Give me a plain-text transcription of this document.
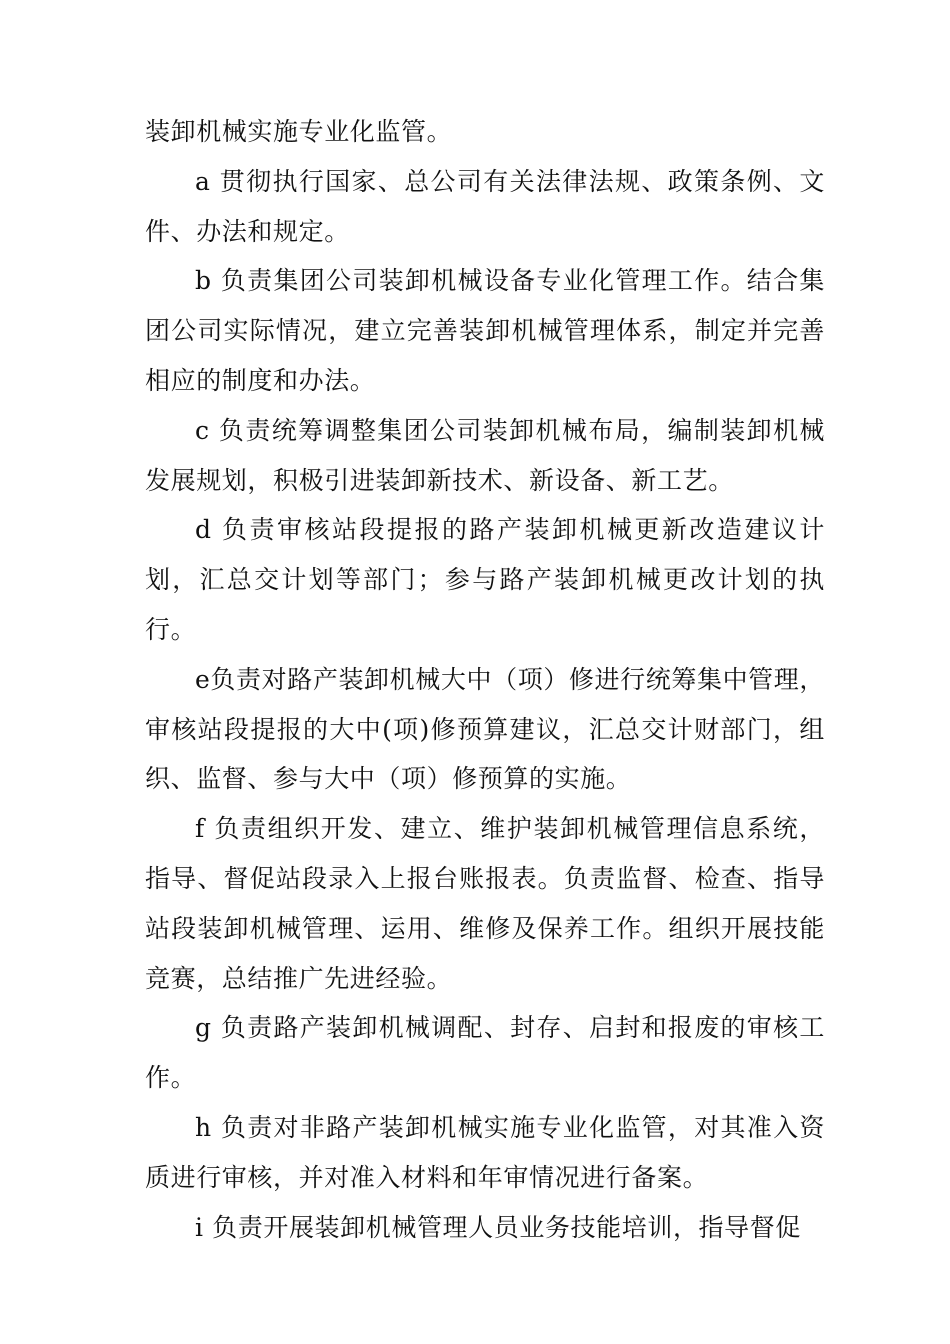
装卸机械实施专业化监管。

a 贯彻执行国家、总公司有关法律法规、政策条例、文件、办法和规定。

b 负责集团公司装卸机械设备专业化管理工作。结合集团公司实际情况，建立完善装卸机械管理体系，制定并完善相应的制度和办法。

c 负责统筹调整集团公司装卸机械布局，编制装卸机械发展规划，积极引进装卸新技术、新设备、新工艺。

d 负责审核站段提报的路产装卸机械更新改造建议计划，汇总交计划等部门；参与路产装卸机械更改计划的执行。

e负责对路产装卸机械大中（项）修进行统筹集中管理，审核站段提报的大中(项)修预算建议，汇总交计财部门，组织、监督、参与大中（项）修预算的实施。

f 负责组织开发、建立、维护装卸机械管理信息系统，指导、督促站段录入上报台账报表。负责监督、检查、指导站段装卸机械管理、运用、维修及保养工作。组织开展技能竞赛，总结推广先进经验。

g 负责路产装卸机械调配、封存、启封和报废的审核工作。

h 负责对非路产装卸机械实施专业化监管，对其准入资质进行审核，并对准入材料和年审情况进行备案。

i 负责开展装卸机械管理人员业务技能培训，指导督促
